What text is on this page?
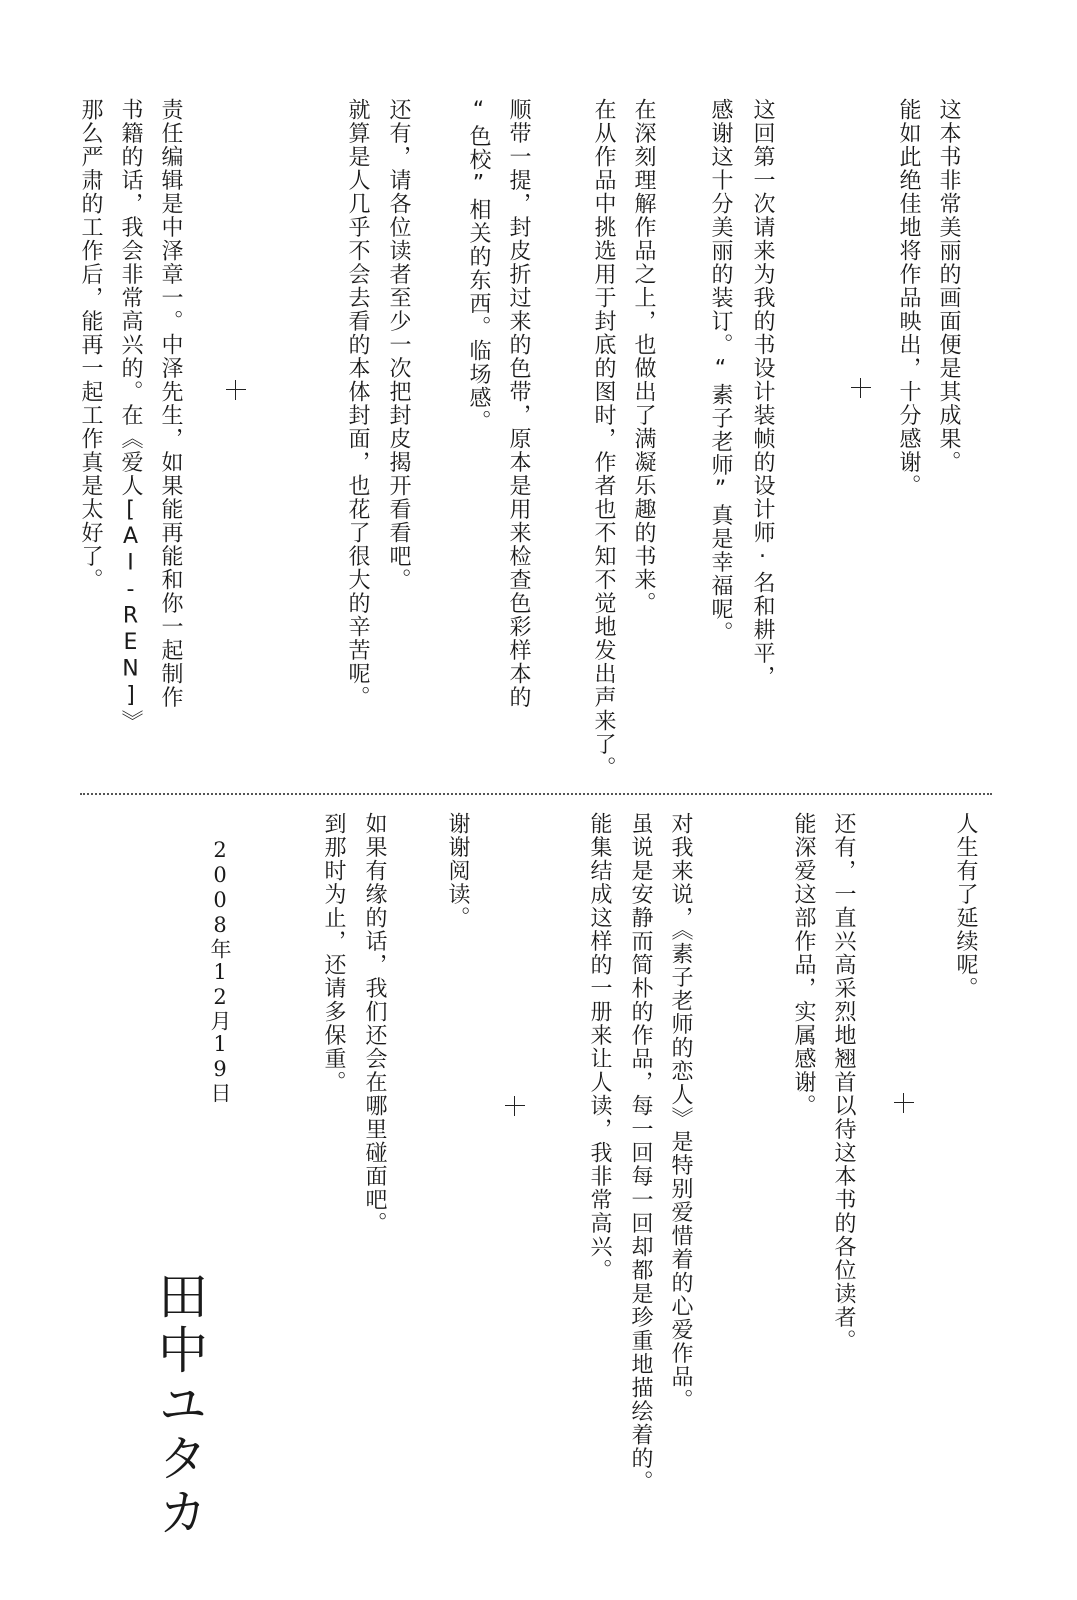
这本书非常美丽的画面便是其成果。
能如此绝佳地将作品映出，十分感谢。
这回第一次请来为我的书设计装帧的设计师·名和耕平，
感谢这十分美丽的装订。“素子老师”真是幸福呢。
在深刻理解作品之上，也做出了满凝乐趣的书来。
在从作品中挑选用于封底的图时，作者也不知不觉地发出声来了。
顺带一提，封皮折过来的色带，原本是用来检查色彩样本的
“色校”相关的东西。临场感。
还有，请各位读者至少一次把封皮揭开看看吧。
就算是人几乎不会去看的本体封面，也花了很大的辛苦呢。
责任编辑是中泽章一。中泽先生，如果能再能和你一起制作
书籍的话，我会非常高兴的。在《爱人[AI-REN]》
那么严肃的工作后，能再一起工作真是太好了。
人生有了延续呢。
还有，一直兴高采烈地翘首以待这本书的各位读者。
能深爱这部作品，实属感谢。
对我来说，《素子老师的恋人》是特别爱惜着的心爱作品。
虽说是安静而简朴的作品，每一回每一回却都是珍重地描绘着的。
能集结成这样的一册来让人读，我非常高兴。
谢谢阅读。
如果有缘的话，我们还会在哪里碰面吧。
到那时为止，还请多保重。
2008年12月19日
田中ユタカ
